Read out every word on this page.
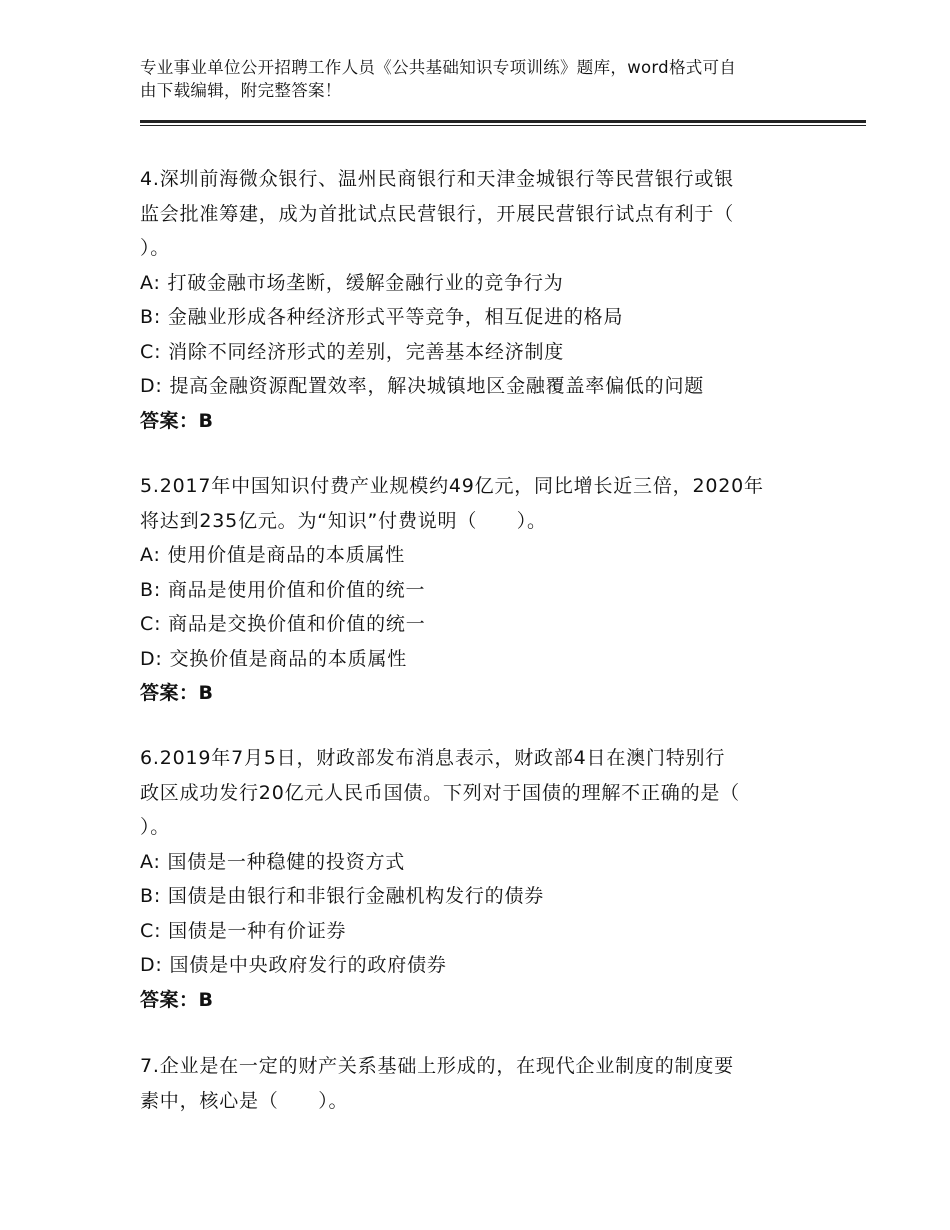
专业事业单位公开招聘工作人员《公共基础知识专项训练》题库，word格式可自
由下载编辑，附完整答案！
4.深圳前海微众银行、温州民商银行和天津金城银行等民营银行或银
监会批准筹建，成为首批试点民营银行，开展民营银行试点有利于（
）。
A: 打破金融市场垄断，缓解金融行业的竞争行为
B: 金融业形成各种经济形式平等竞争，相互促进的格局
C: 消除不同经济形式的差别，完善基本经济制度
D: 提高金融资源配置效率，解决城镇地区金融覆盖率偏低的问题
答案：B
5.2017年中国知识付费产业规模约49亿元，同比增长近三倍，2020年
将达到235亿元。为“知识”付费说明（　　）。
A: 使用价值是商品的本质属性
B: 商品是使用价值和价值的统一
C: 商品是交换价值和价值的统一
D: 交换价值是商品的本质属性
答案：B
6.2019年7月5日，财政部发布消息表示，财政部4日在澳门特别行
政区成功发行20亿元人民币国债。下列对于国债的理解不正确的是（
）。
A: 国债是一种稳健的投资方式
B: 国债是由银行和非银行金融机构发行的债券
C: 国债是一种有价证券
D: 国债是中央政府发行的政府债券
答案：B
7.企业是在一定的财产关系基础上形成的，在现代企业制度的制度要
素中，核心是（　　）。
